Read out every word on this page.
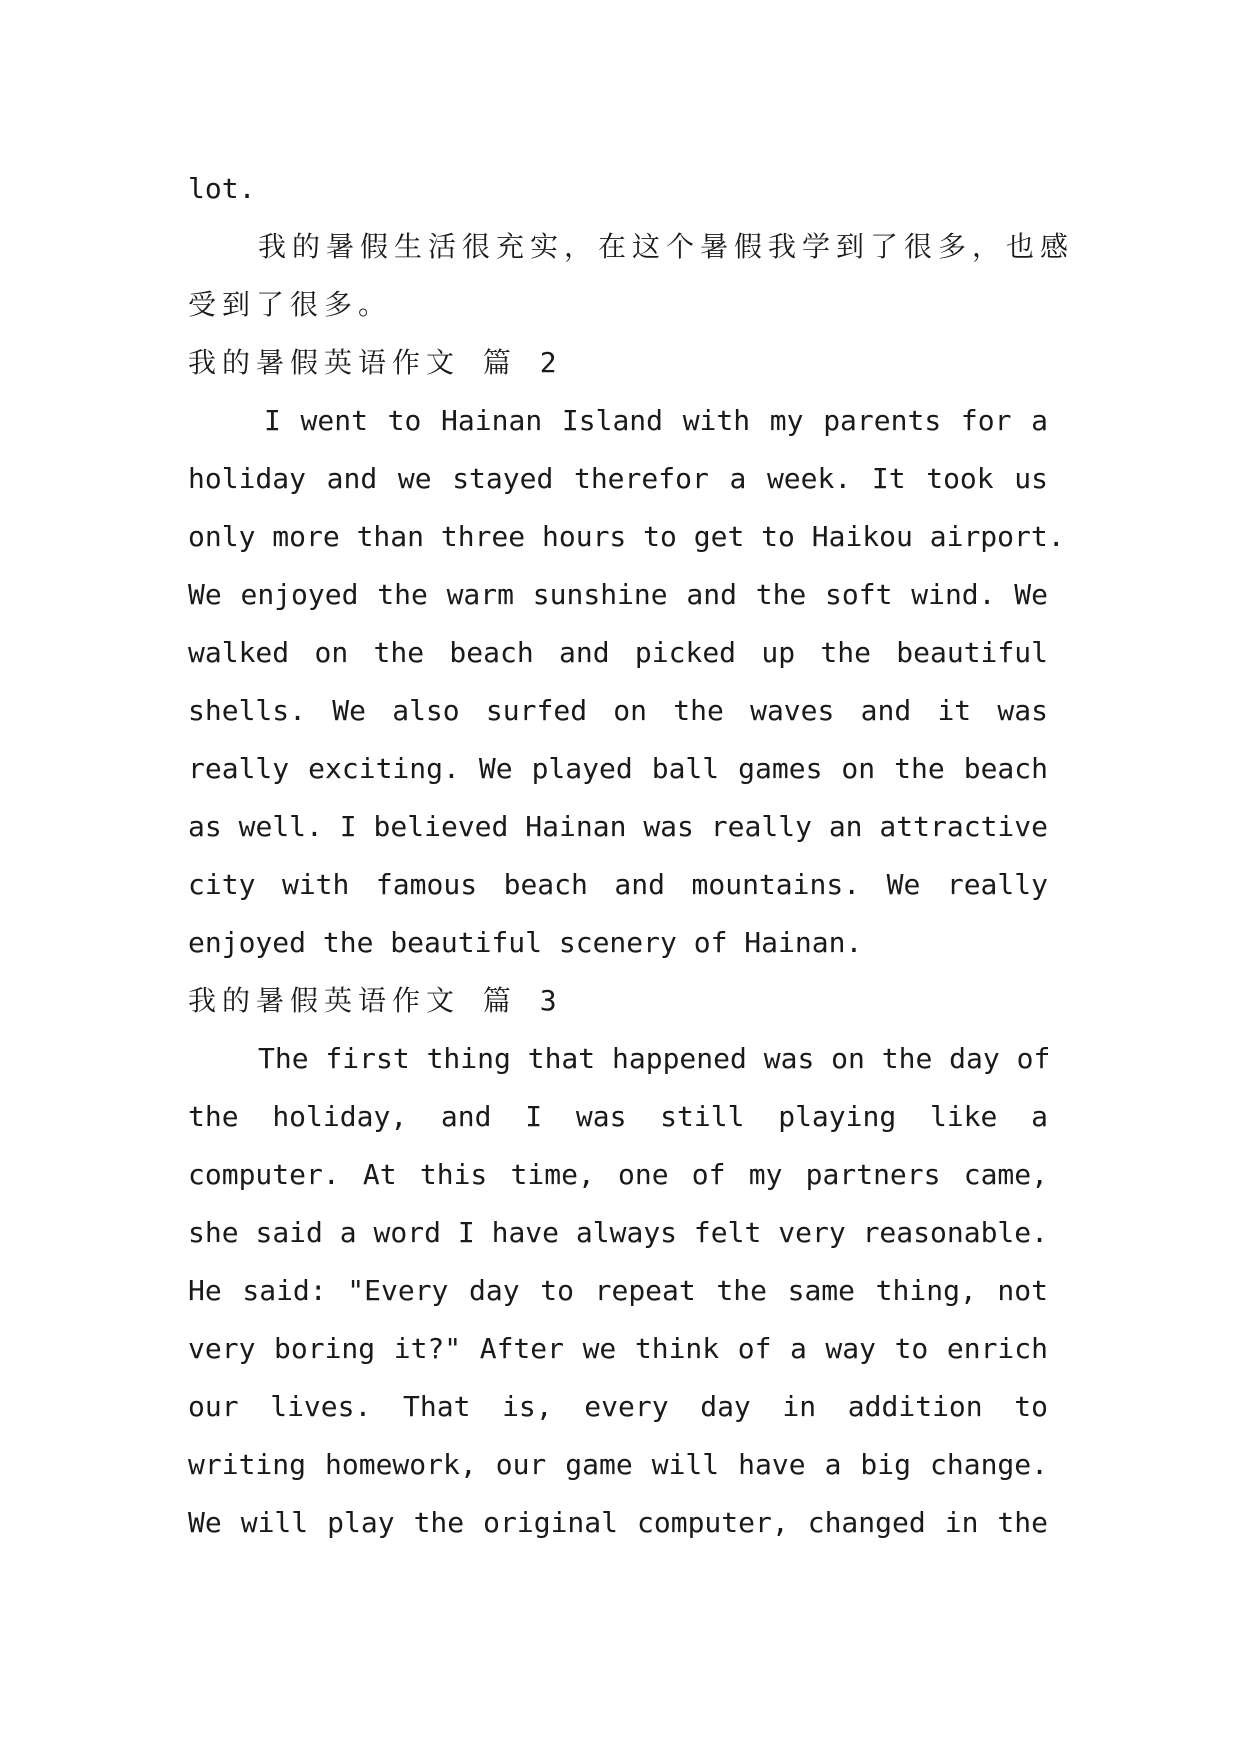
lot.
我的暑假生活很充实，在这个暑假我学到了很多，也感
受到了很多。
我的暑假英语作文 篇 2
I went to Hainan Island with my parents for a
holiday and we stayed therefor a week. It took us
only more than three hours to get to Haikou airport.
We enjoyed the warm sunshine and the soft wind. We
walked on the beach and picked up the beautiful
shells. We also surfed on the waves and it was
really exciting. We played ball games on the beach
as well. I believed Hainan was really an attractive
city with famous beach and mountains. We really
enjoyed the beautiful scenery of Hainan.
我的暑假英语作文 篇 3
The first thing that happened was on the day of
the holiday, and I was still playing like a
computer. At this time, one of my partners came,
she said a word I have always felt very reasonable.
He said: "Every day to repeat the same thing, not
very boring it?" After we think of a way to enrich
our lives. That is, every day in addition to
writing homework, our game will have a big change.
We will play the original computer, changed in the
